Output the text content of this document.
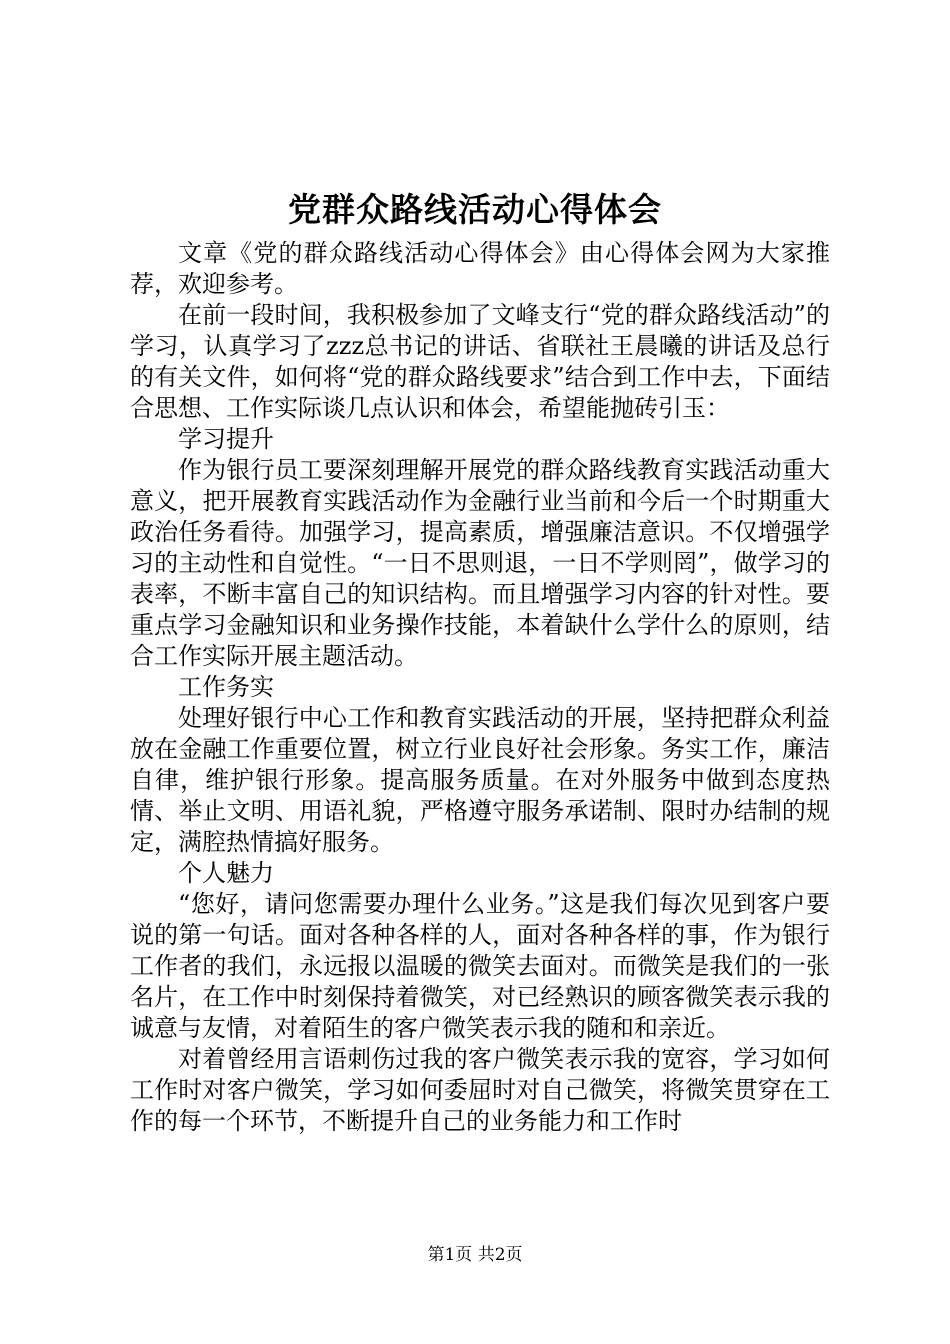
党群众路线活动心得体会

文章《党的群众路线活动心得体会》由心得体会网为大家推荐，欢迎参考。

在前一段时间，我积极参加了文峰支行“党的群众路线活动”的学习，认真学习了zzz总书记的讲话、省联社王晨曦的讲话及总行的有关文件，如何将“党的群众路线要求”结合到工作中去，下面结合思想、工作实际谈几点认识和体会，希望能抛砖引玉：

学习提升

作为银行员工要深刻理解开展党的群众路线教育实践活动重大意义，把开展教育实践活动作为金融行业当前和今后一个时期重大政治任务看待。加强学习，提高素质，增强廉洁意识。不仅增强学习的主动性和自觉性。“一日不思则退，一日不学则罔”，做学习的表率，不断丰富自己的知识结构。而且增强学习内容的针对性。要重点学习金融知识和业务操作技能，本着缺什么学什么的原则，结合工作实际开展主题活动。

工作务实

处理好银行中心工作和教育实践活动的开展，坚持把群众利益放在金融工作重要位置，树立行业良好社会形象。务实工作，廉洁自律，维护银行形象。提高服务质量。在对外服务中做到态度热情、举止文明、用语礼貌，严格遵守服务承诺制、限时办结制的规定，满腔热情搞好服务。

个人魅力

“您好，请问您需要办理什么业务。”这是我们每次见到客户要说的第一句话。面对各种各样的人，面对各种各样的事，作为银行工作者的我们，永远报以温暖的微笑去面对。而微笑是我们的一张名片，在工作中时刻保持着微笑，对已经熟识的顾客微笑表示我的诚意与友情，对着陌生的客户微笑表示我的随和和亲近。

对着曾经用言语刺伤过我的客户微笑表示我的宽容，学习如何工作时对客户微笑，学习如何委屈时对自己微笑，将微笑贯穿在工作的每一个环节，不断提升自己的业务能力和工作时

第1页 共2页
